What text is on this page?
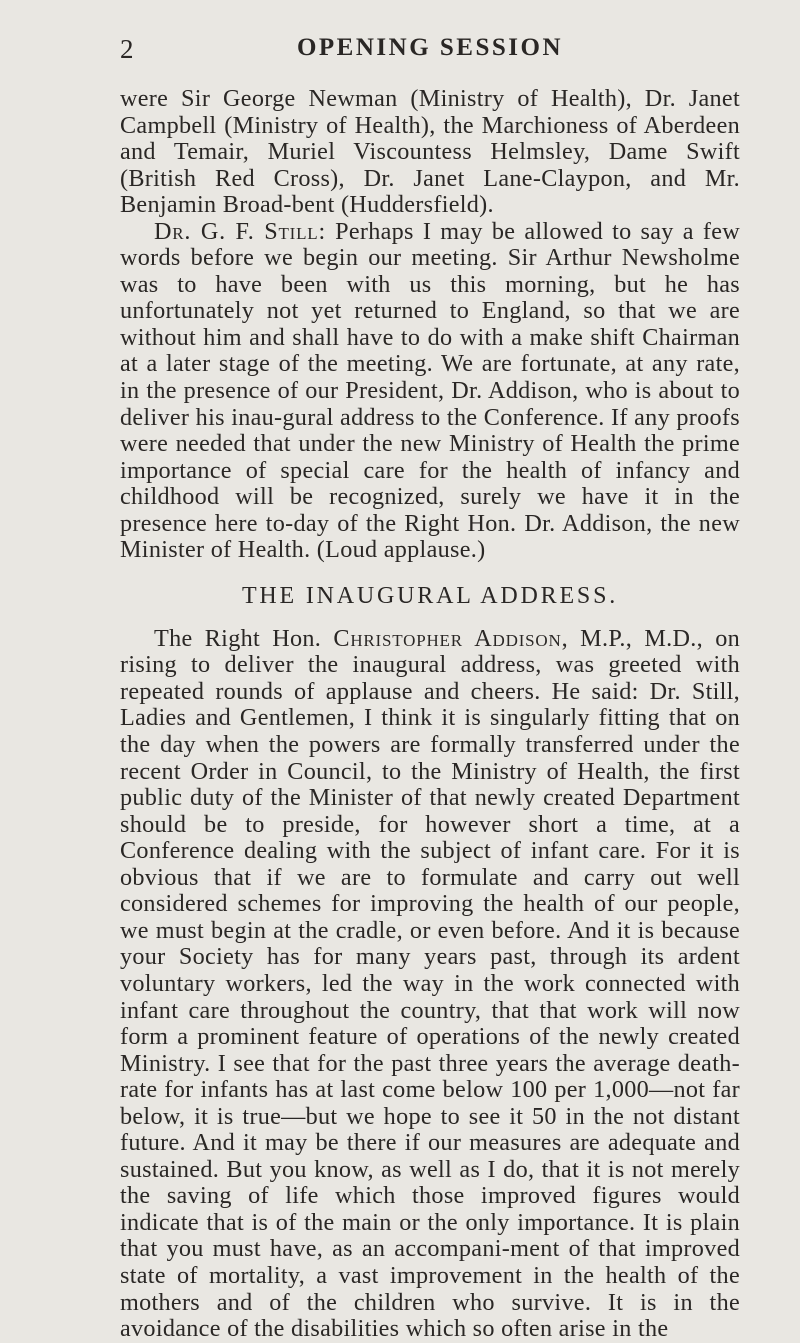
2	OPENING SESSION

were Sir George Newman (Ministry of Health), Dr. Janet Campbell (Ministry of Health), the Marchioness of Aberdeen and Temair, Muriel Viscountess Helmsley, Dame Swift (British Red Cross), Dr. Janet Lane-Claypon, and Mr. Benjamin Broad-bent (Huddersfield).

Dr. G. F. Still: Perhaps I may be allowed to say a few words before we begin our meeting. Sir Arthur Newsholme was to have been with us this morning, but he has unfortunately not yet returned to England, so that we are without him and shall have to do with a make shift Chairman at a later stage of the meeting. We are fortunate, at any rate, in the presence of our President, Dr. Addison, who is about to deliver his inau-gural address to the Conference. If any proofs were needed that under the new Ministry of Health the prime importance of special care for the health of infancy and childhood will be recognized, surely we have it in the presence here to-day of the Right Hon. Dr. Addison, the new Minister of Health. (Loud applause.)

THE INAUGURAL ADDRESS.

The Right Hon. Christopher Addison, M.P., M.D., on rising to deliver the inaugural address, was greeted with repeated rounds of applause and cheers. He said: Dr. Still, Ladies and Gentlemen, I think it is singularly fitting that on the day when the powers are formally transferred under the recent Order in Council, to the Ministry of Health, the first public duty of the Minister of that newly created Department should be to preside, for however short a time, at a Conference dealing with the subject of infant care. For it is obvious that if we are to formulate and carry out well considered schemes for improving the health of our people, we must begin at the cradle, or even before. And it is because your Society has for many years past, through its ardent voluntary workers, led the way in the work connected with infant care throughout the country, that that work will now form a prominent feature of operations of the newly created Ministry. I see that for the past three years the average death-rate for infants has at last come below 100 per 1,000—not far below, it is true—but we hope to see it 50 in the not distant future. And it may be there if our measures are adequate and sustained. But you know, as well as I do, that it is not merely the saving of life which those improved figures would indicate that is of the main or the only importance. It is plain that you must have, as an accompani-ment of that improved state of mortality, a vast improvement in the health of the mothers and of the children who survive. It is in the avoidance of the disabilities which so often arise in the
